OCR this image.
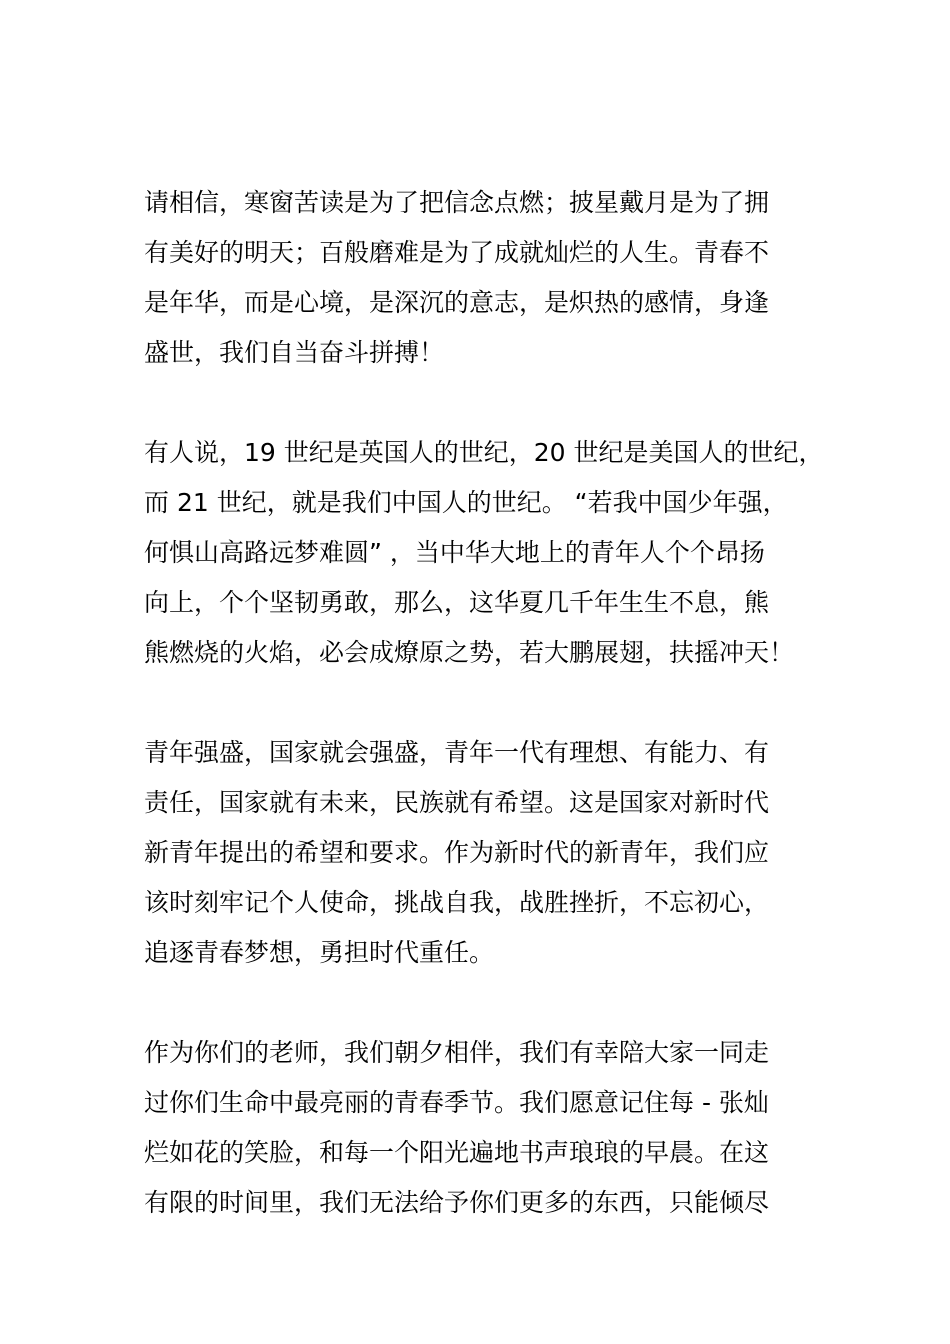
请相信，寒窗苦读是为了把信念点燃；披星戴月是为了拥
有美好的明天；百般磨难是为了成就灿烂的人生。青春不
是年华，而是心境，是深沉的意志，是炽热的感情，身逢
盛世，我们自当奋斗拼搏！

有人说，19 世纪是英国人的世纪，20 世纪是美国人的世纪，
而 21 世纪，就是我们中国人的世纪。 “若我中国少年强，
何惧山高路远梦难圆” ，当中华大地上的青年人个个昂扬
向上，个个坚韧勇敢，那么，这华夏几千年生生不息，熊
熊燃烧的火焰，必会成燎原之势，若大鹏展翅，扶摇冲天！

青年强盛，国家就会强盛，青年一代有理想、有能力、有
责任，国家就有未来，民族就有希望。这是国家对新时代
新青年提出的希望和要求。作为新时代的新青年，我们应
该时刻牢记个人使命，挑战自我，战胜挫折，不忘初心，
追逐青春梦想，勇担时代重任。

作为你们的老师，我们朝夕相伴，我们有幸陪大家一同走
过你们生命中最亮丽的青春季节。我们愿意记住每 - 张灿
烂如花的笑脸，和每一个阳光遍地书声琅琅的早晨。在这
有限的时间里，我们无法给予你们更多的东西，只能倾尽
